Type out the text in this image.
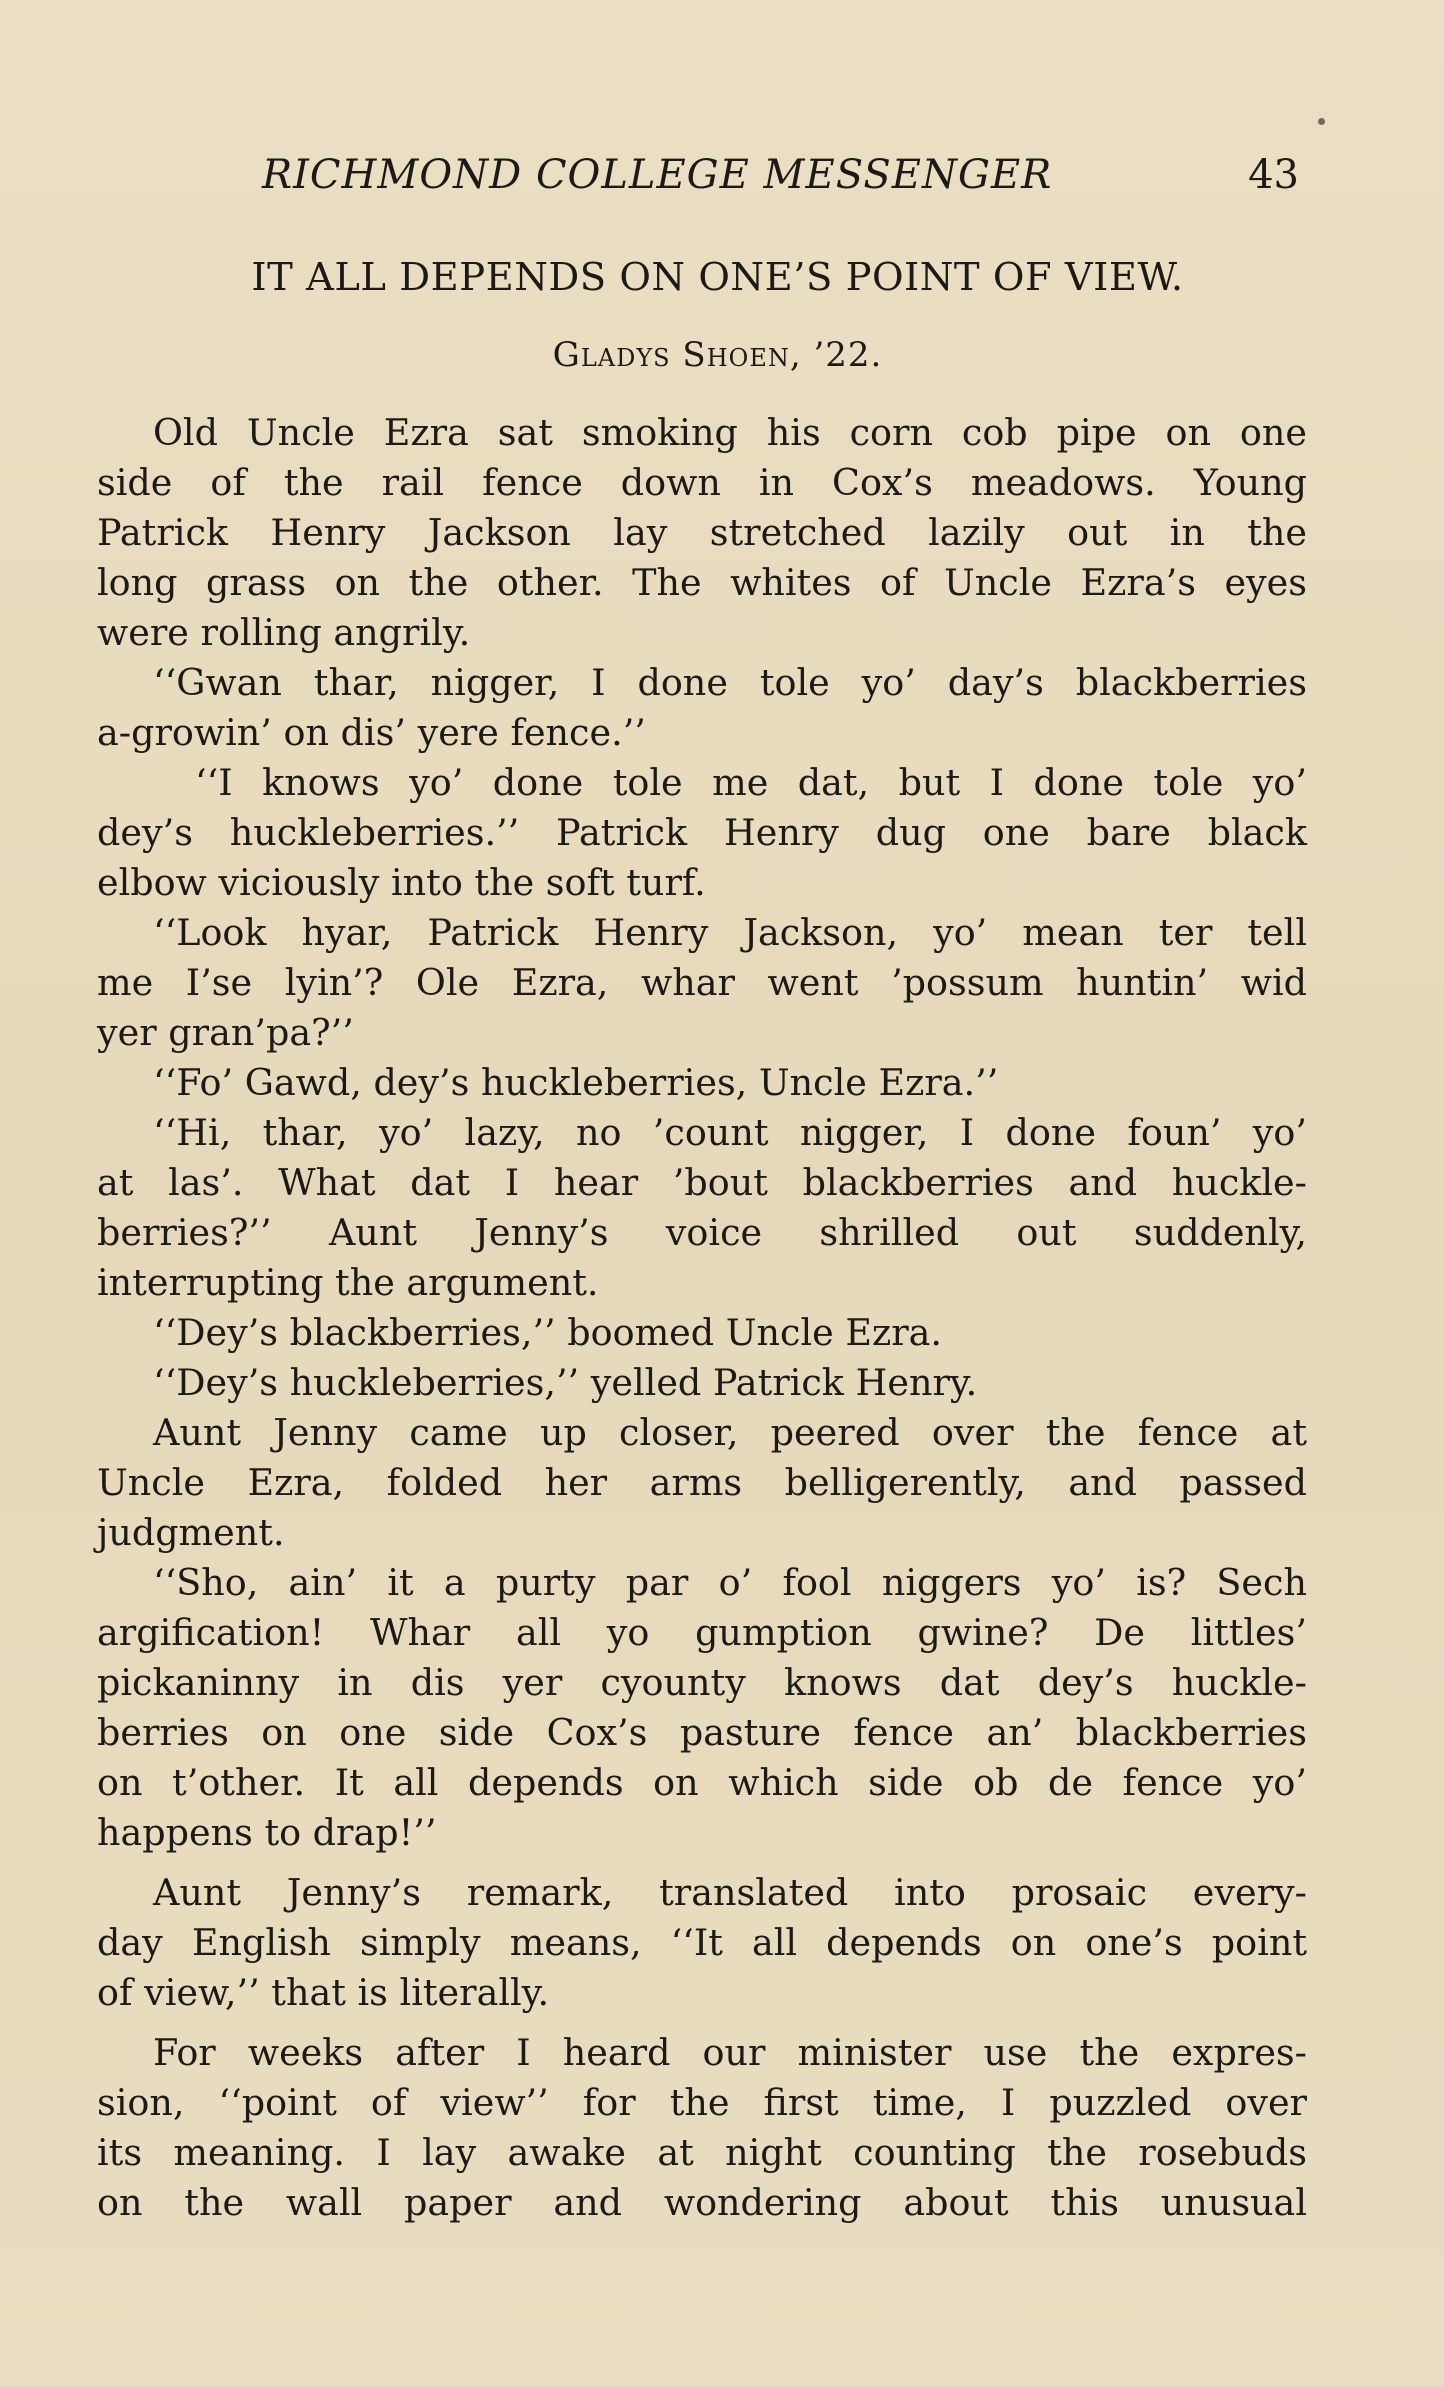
RICHMOND COLLEGE MESSENGER	43
IT ALL DEPENDS ON ONE’S POINT OF VIEW.
Gladys Shoen, ’22.
Old Uncle Ezra sat smoking his corn cob pipe on one
side of the rail fence down in Cox’s meadows. Young
Patrick Henry Jackson lay stretched lazily out in the
long grass on the other. The whites of Uncle Ezra’s eyes
were rolling angrily.
‘‘Gwan thar, nigger, I done tole yo’ day’s blackberries
a-growin’ on dis’ yere fence.’’
‘‘I knows yo’ done tole me dat, but I done tole yo’
dey’s huckleberries.’’ Patrick Henry dug one bare black
elbow viciously into the soft turf.
‘‘Look hyar, Patrick Henry Jackson, yo’ mean ter tell
me I’se lyin’? Ole Ezra, whar went ’possum huntin’ wid
yer gran’pa?’’
‘‘Fo’ Gawd, dey’s huckleberries, Uncle Ezra.’’
‘‘Hi, thar, yo’ lazy, no ’count nigger, I done foun’ yo’
at las’. What dat I hear ’bout blackberries and huckle-
berries?’’ Aunt Jenny’s voice shrilled out suddenly,
interrupting the argument.
‘‘Dey’s blackberries,’’ boomed Uncle Ezra.
‘‘Dey’s huckleberries,’’ yelled Patrick Henry.
Aunt Jenny came up closer, peered over the fence at
Uncle Ezra, folded her arms belligerently, and passed
judgment.
‘‘Sho, ain’ it a purty par o’ fool niggers yo’ is? Sech
argification! Whar all yo gumption gwine? De littles’
pickaninny in dis yer cyounty knows dat dey’s huckle-
berries on one side Cox’s pasture fence an’ blackberries
on t’other. It all depends on which side ob de fence yo’
happens to drap!’’
Aunt Jenny’s remark, translated into prosaic every-
day English simply means, ‘‘It all depends on one’s point
of view,’’ that is literally.
For weeks after I heard our minister use the expres-
sion, ‘‘point of view’’ for the first time, I puzzled over
its meaning. I lay awake at night counting the rosebuds
on the wall paper and wondering about this unusual
